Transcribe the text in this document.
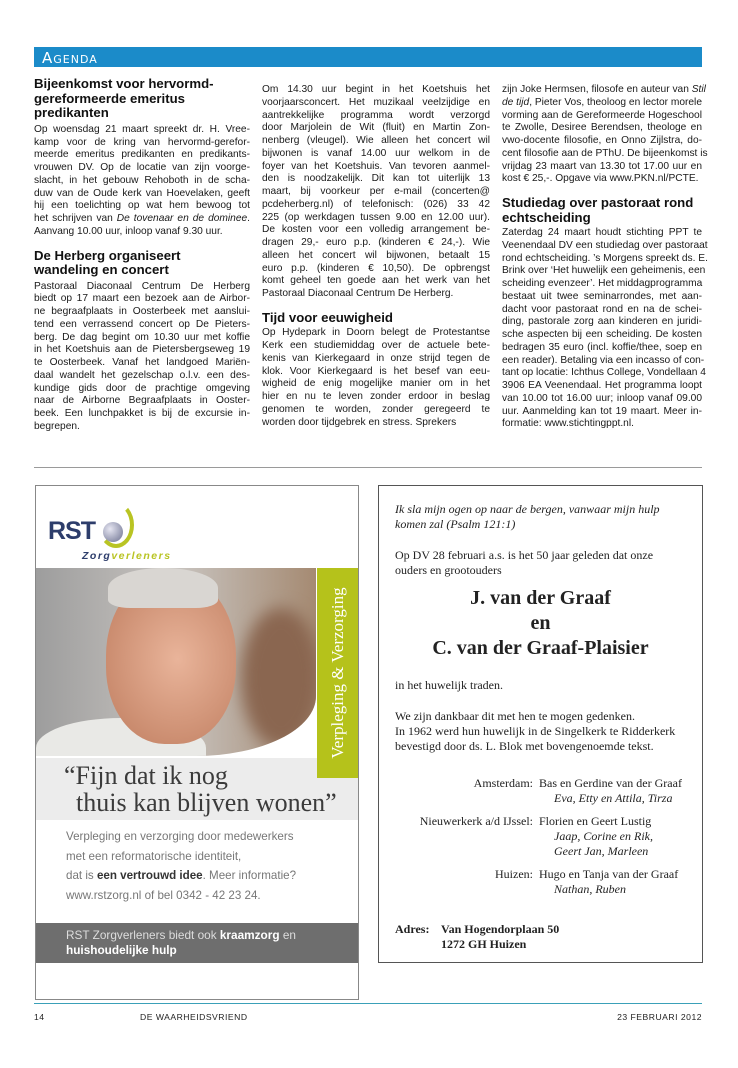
Agenda
Bijeenkomst voor hervormd-
gereformeerde emeritus
predikanten
Op woensdag 21 maart spreekt dr. H. Vree-
kamp voor de kring van hervormd-gerefor-
meerde emeritus predikanten en predikants-
vrouwen DV. Op de locatie van zijn voorge-
slacht, in het gebouw Rehoboth in de scha-
duw van de Oude kerk van Hoevelaken, geeft
hij een toelichting op wat hem bewoog tot
het schrijven van De tovenaar en de dominee.
Aanvang 10.00 uur, inloop vanaf 9.30 uur.
De Herberg organiseert
wandeling en concert
Pastoraal Diaconaal Centrum De Herberg
biedt op 17 maart een bezoek aan de Airbor-
ne begraafplaats in Oosterbeek met aanslui-
tend een verrassend concert op De Pieters-
berg. De dag begint om 10.30 uur met koffie
in het Koetshuis aan de Pietersbergseweg 19
te Oosterbeek. Vanaf het landgoed Mariën-
daal wandelt het gezelschap o.l.v. een des-
kundige gids door de prachtige omgeving
naar de Airborne Begraafplaats in Ooster-
beek. Een lunchpakket is bij de excursie in-
begrepen.
Om 14.30 uur begint in het Koetshuis het
voorjaarsconcert. Het muzikaal veelzijdige en
aantrekkelijke programma wordt verzorgd
door Marjolein de Wit (fluit) en Martin Zon-
nenberg (vleugel). Wie alleen het concert wil
bijwonen is vanaf 14.00 uur welkom in de
foyer van het Koetshuis. Van tevoren aanmel-
den is noodzakelijk. Dit kan tot uiterlijk 13
maart, bij voorkeur per e-mail (concerten@
pcdeherberg.nl) of telefonisch: (026) 33 42
225 (op werkdagen tussen 9.00 en 12.00 uur).
De kosten voor een volledig arrangement be-
dragen 29,- euro p.p. (kinderen € 24,-). Wie
alleen het concert wil bijwonen, betaalt 15
euro p.p. (kinderen € 10,50). De opbrengst
komt geheel ten goede aan het werk van het
Pastoraal Diaconaal Centrum De Herberg.
Tijd voor eeuwigheid
Op Hydepark in Doorn belegt de Protestantse
Kerk een studiemiddag over de actuele bete-
kenis van Kierkegaard in onze strijd tegen de
klok. Voor Kierkegaard is het besef van eeu-
wigheid de enig mogelijke manier om in het
hier en nu te leven zonder erdoor in beslag
genomen te worden, zonder geregeerd te
worden door tijdgebrek en stress. Sprekers
zijn Joke Hermsen, filosofe en auteur van Stil
de tijd, Pieter Vos, theoloog en lector morele
vorming aan de Gereformeerde Hogeschool
te Zwolle, Desiree Berendsen, theologe en
vwo-docente filosofie, en Onno Zijlstra, do-
cent filosofie aan de PThU. De bijeenkomst is
vrijdag 23 maart van 13.30 tot 17.00 uur en
kost € 25,-. Opgave via www.PKN.nl/PCTE.
Studiedag over pastoraat rond
echtscheiding
Zaterdag 24 maart houdt stichting PPT te
Veenendaal DV een studiedag over pastoraat
rond echtscheiding. ’s Morgens spreekt ds. E.
Brink over ‘Het huwelijk een geheimenis, een
scheiding evenzeer’. Het middagprogramma
bestaat uit twee seminarrondes, met aan-
dacht voor pastoraat rond en na de schei-
ding, pastorale zorg aan kinderen en juridi-
sche aspecten bij een scheiding. De kosten
bedragen 35 euro (incl. koffie/thee, soep en
een reader). Betaling via een incasso of con-
tant op locatie: Ichthus College, Vondellaan 4
3906 EA Veenendaal. Het programma loopt
van 10.00 tot 16.00 uur; inloop vanaf 09.00
uur. Aanmelding kan tot 19 maart. Meer in-
formatie: www.stichtingppt.nl.
RST
Zorgverleners
Verpleging & Verzorging
“Fijn dat ik nog
thuis kan blijven wonen”
Verpleging en verzorging door medewerkers
met een reformatorische identiteit,
dat is een vertrouwd idee. Meer informatie?
www.rstzorg.nl of bel 0342 - 42 23 24.
RST Zorgverleners biedt ook kraamzorg en
huishoudelijke hulp
Ik sla mijn ogen op naar de bergen, vanwaar mijn hulp
komen zal (Psalm 121:1)
Op DV 28 februari a.s. is het 50 jaar geleden dat onze
ouders en grootouders
J. van der Graaf
en
C. van der Graaf-Plaisier
in het huwelijk traden.
We zijn dankbaar dit met hen te mogen gedenken.
In 1962 werd hun huwelijk in de Singelkerk te Ridderkerk
bevestigd door ds. L. Blok met bovengenoemde tekst.
Amsterdam: Bas en Gerdine van der Graaf
Eva, Etty en Attila, Tirza
Nieuwerkerk a/d IJssel: Florien en Geert Lustig
Jaap, Corine en Rik,
Geert Jan, Marleen
Huizen: Hugo en Tanja van der Graaf
Nathan, Ruben
Adres: Van Hogendorplaan 50
1272 GH Huizen
14	DE WAARHEIDSVRIEND	23 FEBRUARI 2012
